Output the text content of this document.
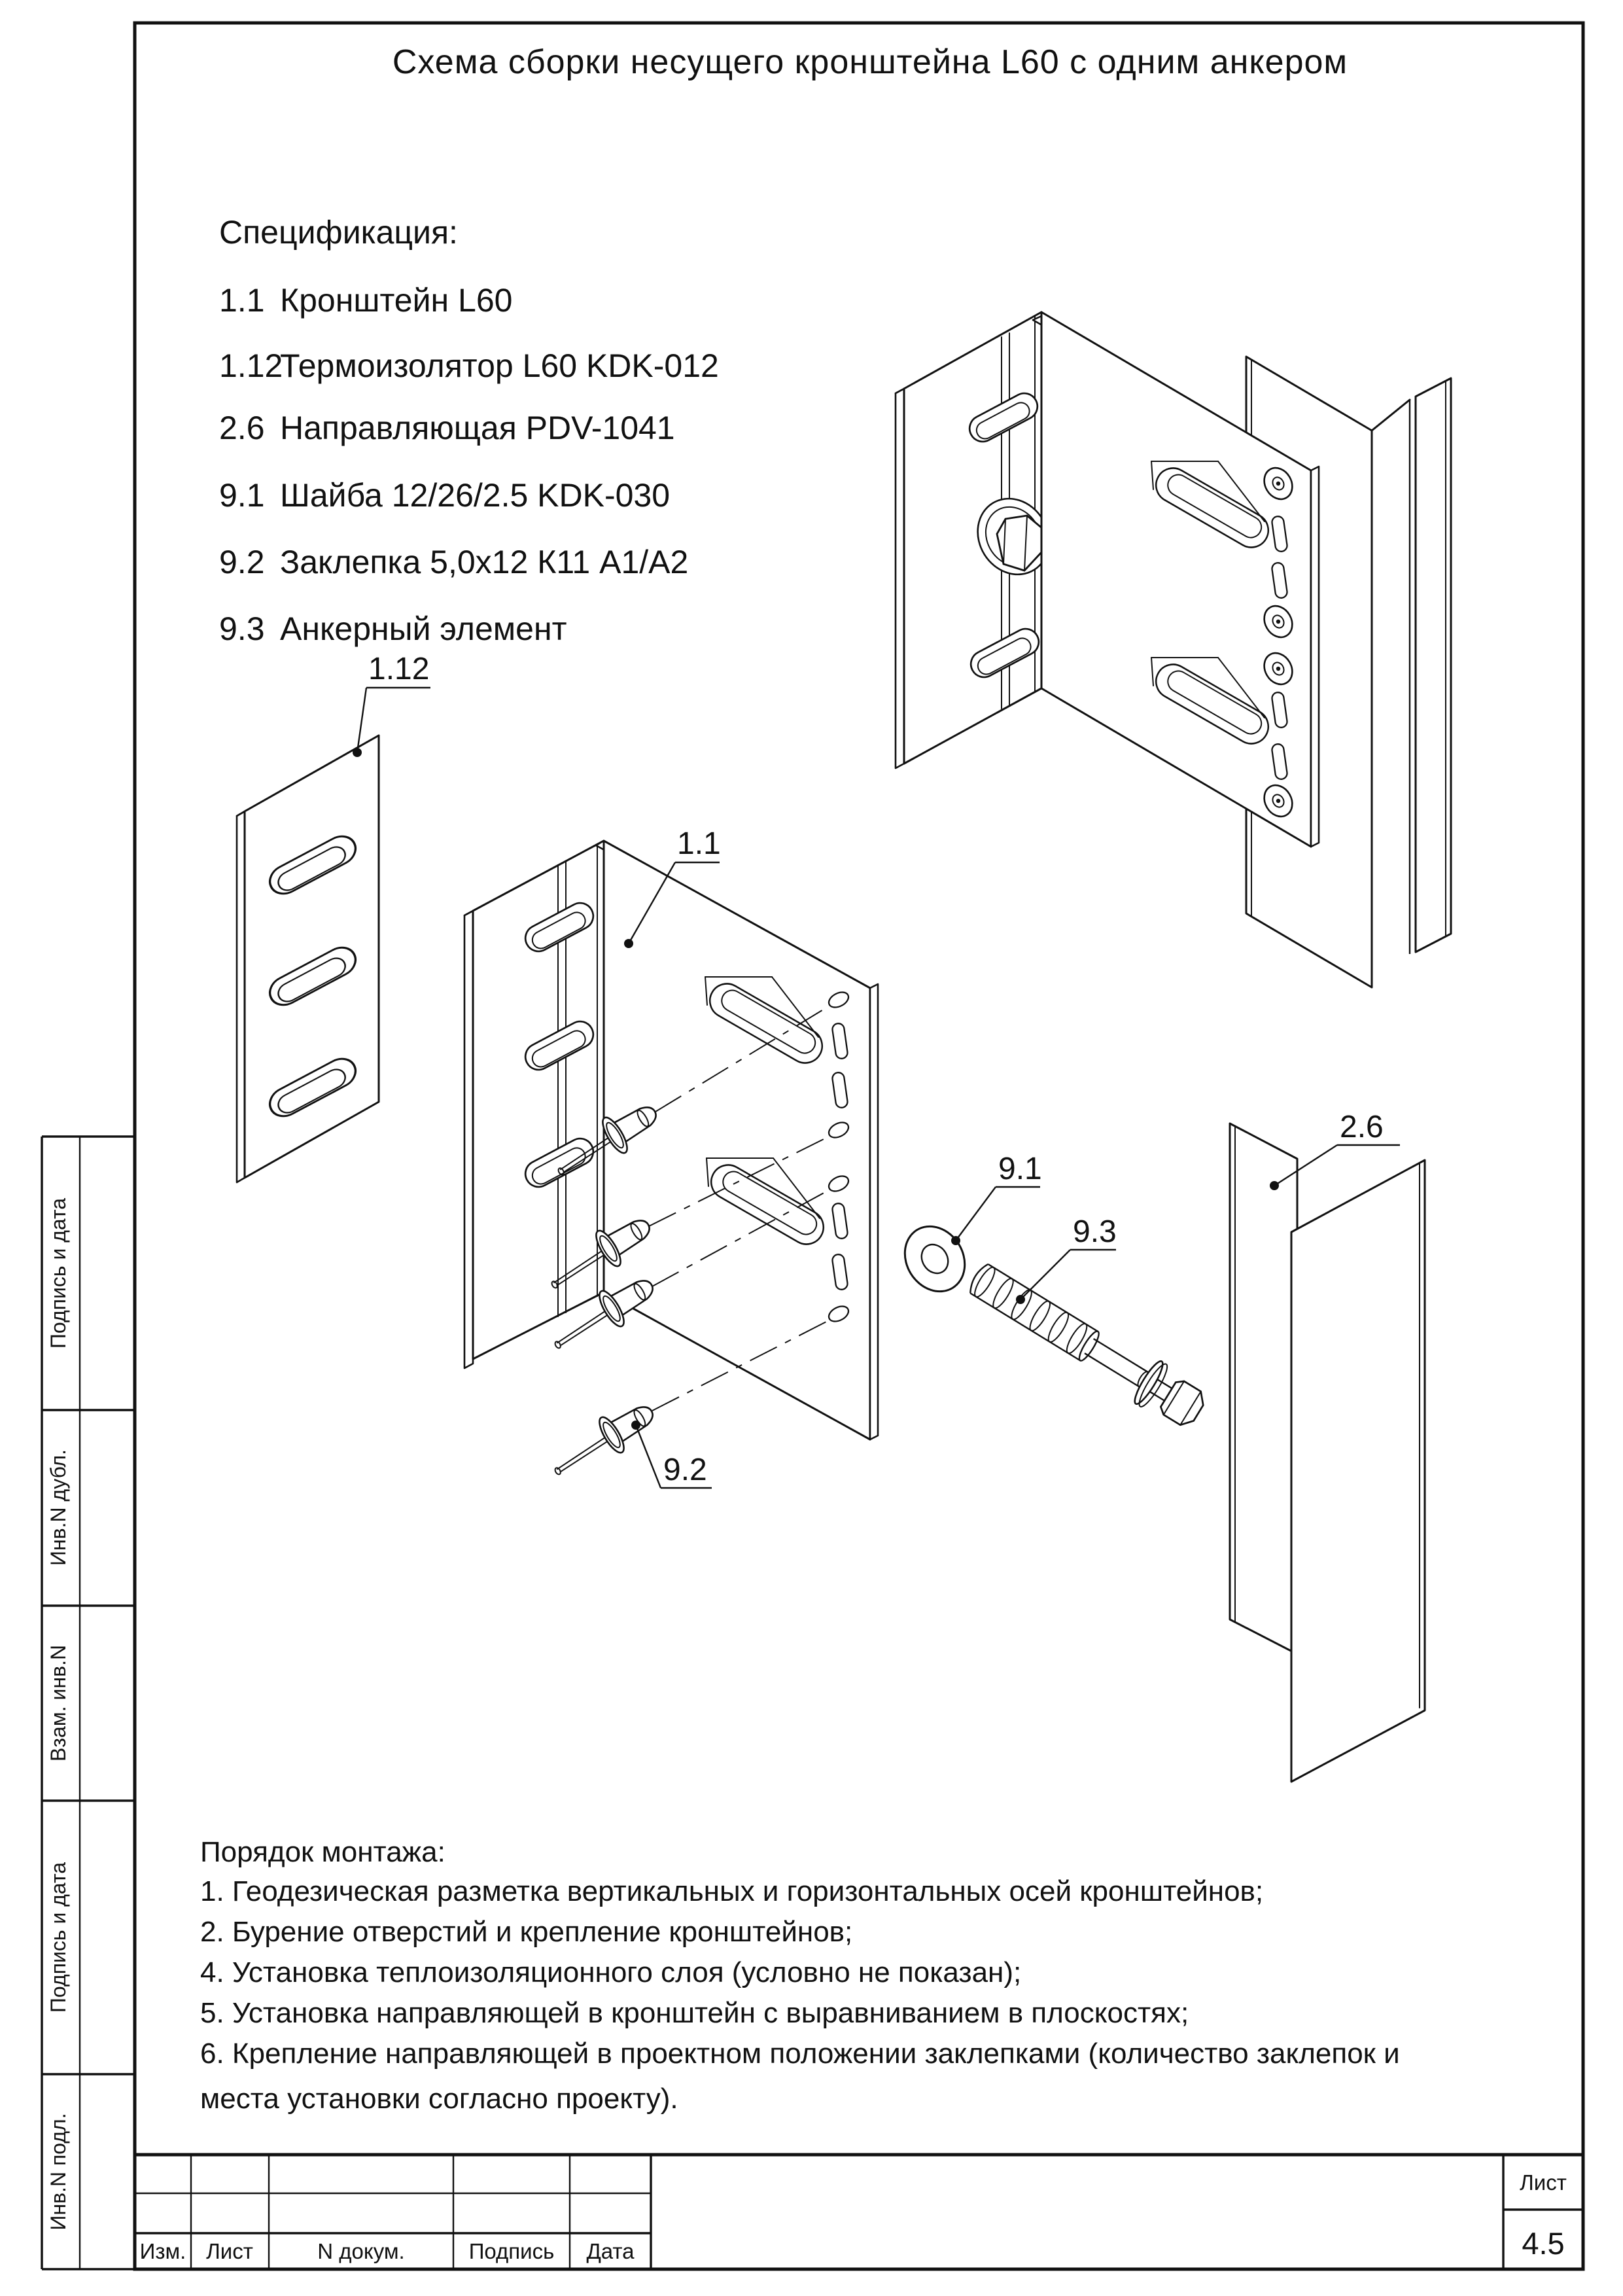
Подпись и дата
Инв.N дубл.
Взам. инв.N
Подпись и дата
Инв.N подл.
Изм. Лист	N докум.	Подпись Дата
Лист
4.5
Схема сборки несущего кронштейна L60 с одним анкером
Спецификация:
1.1 Кронштейн L60
1.12
Термоизолятор L60 KDK-012
2.6 Направляющая PDV-1041
9.1 Шайба 12/26/2.5 KDK-030
9.2 Заклепка 5,0х12 К11 А1/А2
9.3 Анкерный элемент
1.12
1.1
2.6
9.1
9.3
9.2
Порядок монтажа:
1. Геодезическая разметка вертикальных и горизонтальных осей кронштейнов;
2. Бурение отверстий и крепление кронштейнов;
4. Установка теплоизоляционного слоя (условно не показан);
5. Установка направляющей в кронштейн с выравниванием в плоскостях;
6. Крепление направляющей в проектном положении заклепками (количество заклепок и
места установки согласно проекту).
